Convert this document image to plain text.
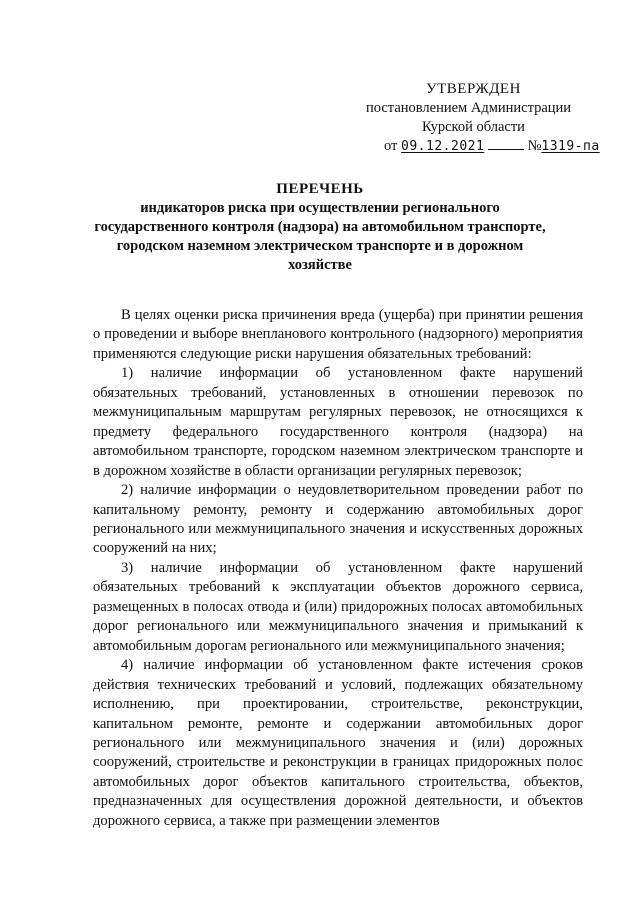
УТВЕРЖДЕН
постановлением Администрации
Курской области
от 09.12.2021	№1319-па
ПЕРЕЧЕНЬ
индикаторов риска при осуществлении регионального
государственного контроля (надзора) на автомобильном транспорте,
городском наземном электрическом транспорте и в дорожном
хозяйстве

В целях оценки риска причинения вреда (ущерба) при принятии решения о проведении и выборе внепланового контрольного (надзорного) мероприятия применяются следующие риски нарушения обязательных требований:

1) наличие информации об установленном факте нарушений обязательных требований, установленных в отношении перевозок по межмуниципальным маршрутам регулярных перевозок, не относящихся к предмету федерального государственного контроля (надзора) на автомобильном транспорте, городском наземном электрическом транспорте и в дорожном хозяйстве в области организации регулярных перевозок;

2) наличие информации о неудовлетворительном проведении работ по капитальному ремонту, ремонту и содержанию автомобильных дорог регионального или межмуниципального значения и искусственных дорожных сооружений на них;

3) наличие информации об установленном факте нарушений обязательных требований к эксплуатации объектов дорожного сервиса, размещенных в полосах отвода и (или) придорожных полосах автомобильных дорог регионального или межмуниципального значения и примыканий к автомобильным дорогам регионального или межмуниципального значения;

4) наличие информации об установленном факте истечения сроков действия технических требований и условий, подлежащих обязательному исполнению, при проектировании, строительстве, реконструкции, капитальном ремонте, ремонте и содержании автомобильных дорог регионального или межмуниципального значения и (или) дорожных сооружений, строительстве и реконструкции в границах придорожных полос автомобильных дорог объектов капитального строительства, объектов, предназначенных для осуществления дорожной деятельности, и объектов дорожного сервиса, а также при размещении элементов
